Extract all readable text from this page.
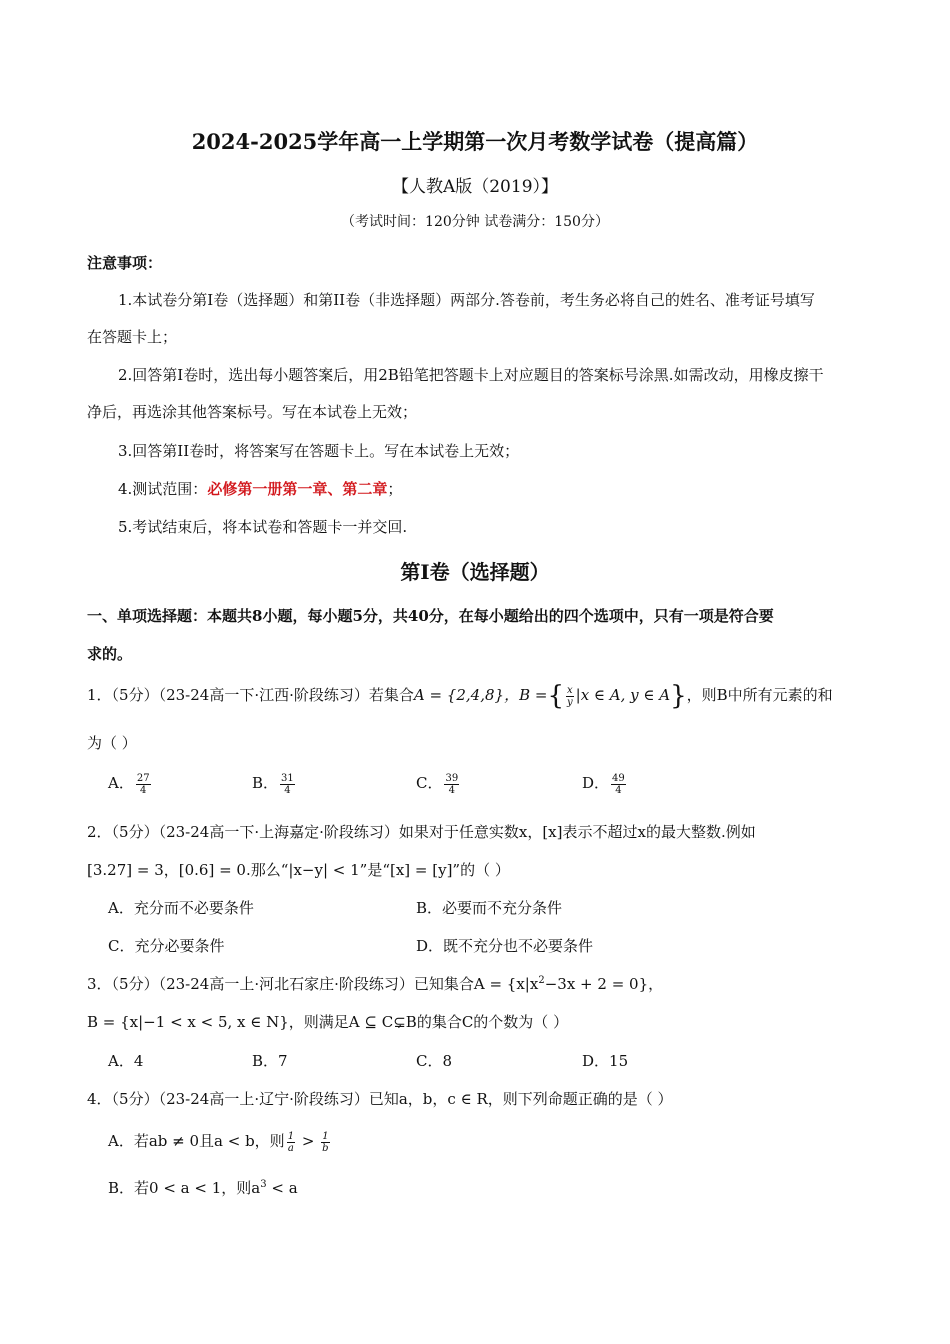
2024-2025学年高一上学期第一次月考数学试卷（提高篇）
【人教A版（2019）】
（考试时间：120分钟 试卷满分：150分）
注意事项：
1.本试卷分第I卷（选择题）和第II卷（非选择题）两部分.答卷前，考生务必将自己的姓名、准考证号填写
在答题卡上；
2.回答第I卷时，选出每小题答案后，用2B铅笔把答题卡上对应题目的答案标号涂黑.如需改动，用橡皮擦干
净后，再选涂其他答案标号。写在本试卷上无效；
3.回答第II卷时，将答案写在答题卡上。写在本试卷上无效；
4.测试范围：必修第一册第一章、第二章；
5.考试结束后，将本试卷和答题卡一并交回.
第I卷（选择题）
一、单项选择题：本题共8小题，每小题5分，共40分，在每小题给出的四个选项中，只有一项是符合要
求的。
1．（5分）（23-24高一下·江西·阶段练习）若集合A = {2,4,8}，B ={ $\frac{x}{y} |x$ ∈ A, y ∈ A}，则B中所有元素的和
为（ ）
A． $\frac{27}{4}$	B． $\frac{31}{4}$	C． $\frac{39}{4}$	D． $\frac{49}{4}$
2．（5分）（23-24高一下·上海嘉定·阶段练习）如果对于任意实数x，[x]表示不超过x的最大整数.例如
[3.27] = 3，[0.6] = 0.那么“|x−y| < 1”是“[x] = [y]”的（ ）
A．充分而不必要条件	B．必要而不充分条件
C．充分必要条件	D．既不充分也不必要条件
3．（5分）（23-24高一上·河北石家庄·阶段练习）已知集合$A = \{x|x^2-3x + 2 = 0\}$，
B = {x|−1 < x < 5, x ∈ N}，则满足A ⊆ C⊊B的集合C的个数为（ ）
A．4	B．7	C．8	D．15
4．（5分）（23-24高一上·辽宁·阶段练习）已知a，b，c ∈ R，则下列命题正确的是（ ）
A．若ab ≠ 0且a < b，则 $\frac{1}{a} > \frac{1}{b}$
B．若0 < a < 1，则$a^3 < a$
